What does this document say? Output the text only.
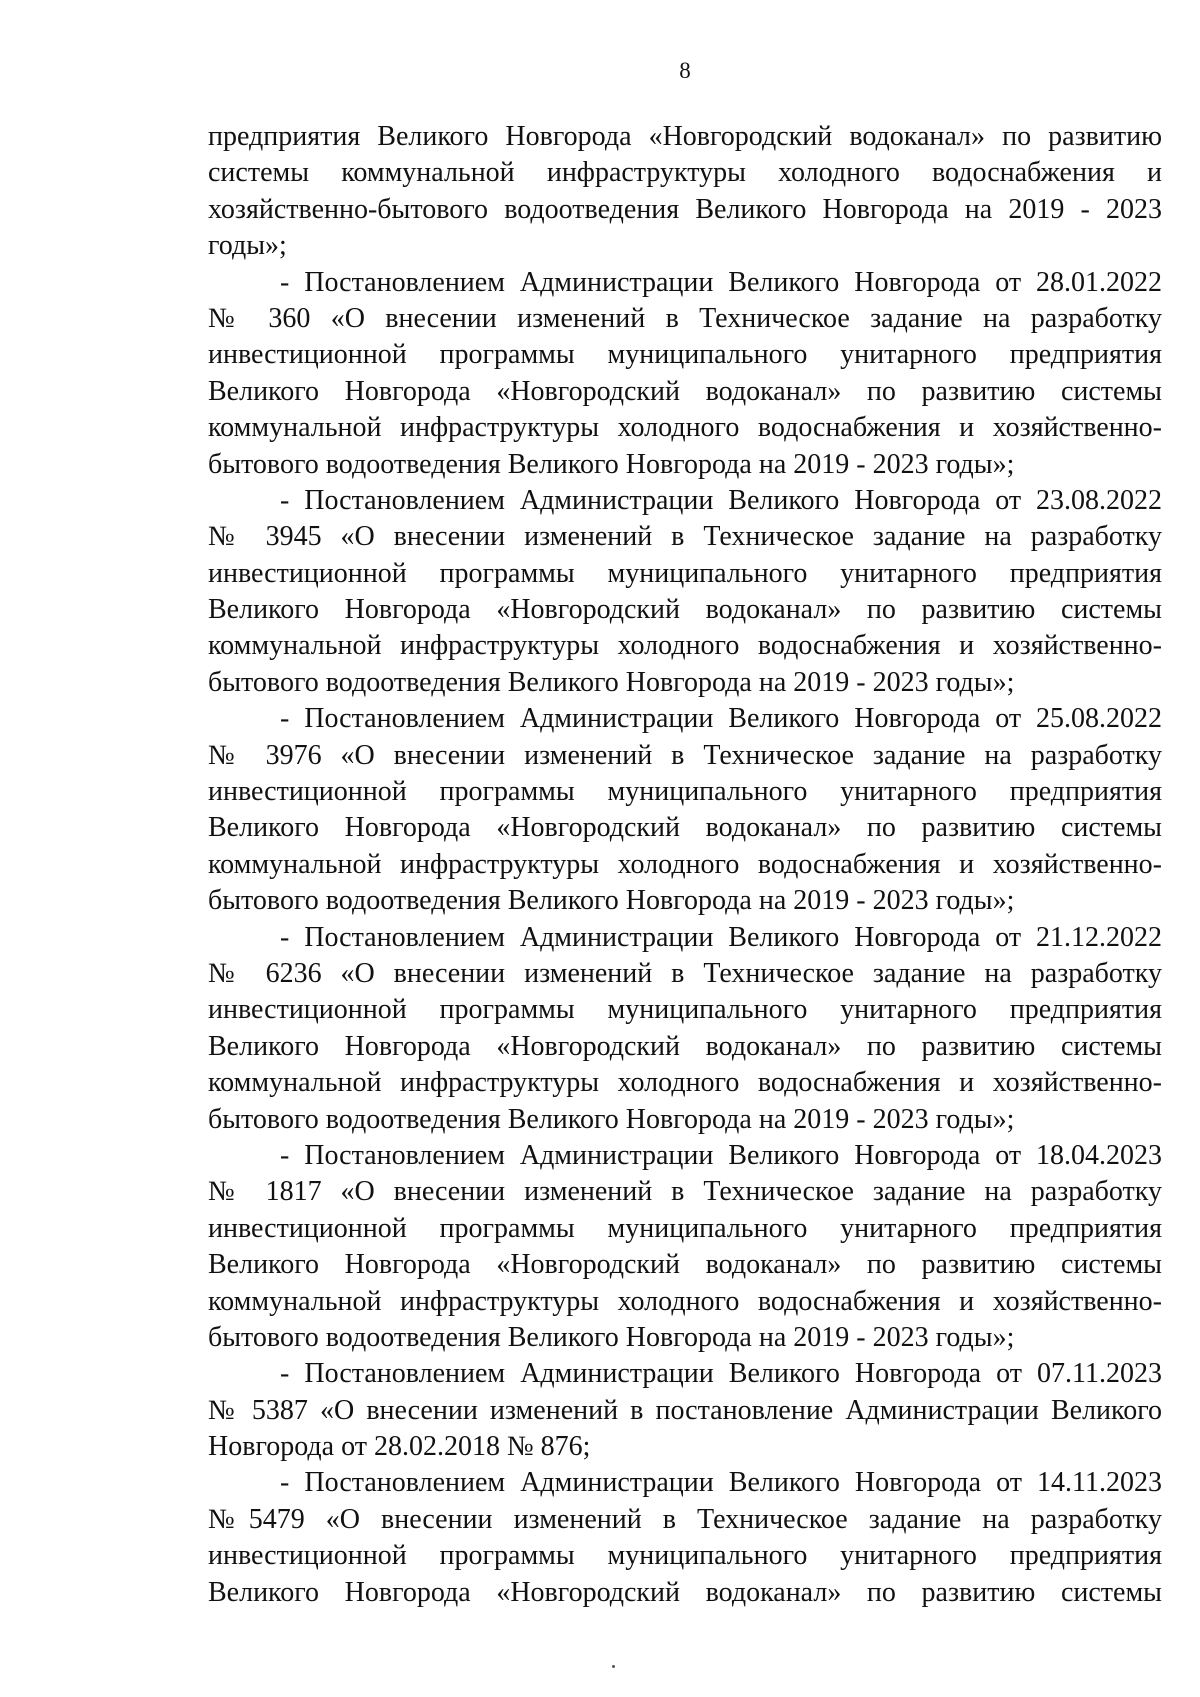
8
предприятия Великого Новгорода «Новгородский водоканал» по развитию
системы коммунальной инфраструктуры холодного водоснабжения и
хозяйственно-бытового водоотведения Великого Новгорода на 2019 - 2023
годы»;
- Постановлением Администрации Великого Новгорода от 28.01.2022
№ 360 «О внесении изменений в Техническое задание на разработку
инвестиционной программы муниципального унитарного предприятия
Великого Новгорода «Новгородский водоканал» по развитию системы
коммунальной инфраструктуры холодного водоснабжения и хозяйственно-
бытового водоотведения Великого Новгорода на 2019 - 2023 годы»;
- Постановлением Администрации Великого Новгорода от 23.08.2022
№ 3945 «О внесении изменений в Техническое задание на разработку
инвестиционной программы муниципального унитарного предприятия
Великого Новгорода «Новгородский водоканал» по развитию системы
коммунальной инфраструктуры холодного водоснабжения и хозяйственно-
бытового водоотведения Великого Новгорода на 2019 - 2023 годы»;
- Постановлением Администрации Великого Новгорода от 25.08.2022
№ 3976 «О внесении изменений в Техническое задание на разработку
инвестиционной программы муниципального унитарного предприятия
Великого Новгорода «Новгородский водоканал» по развитию системы
коммунальной инфраструктуры холодного водоснабжения и хозяйственно-
бытового водоотведения Великого Новгорода на 2019 - 2023 годы»;
- Постановлением Администрации Великого Новгорода от 21.12.2022
№ 6236 «О внесении изменений в Техническое задание на разработку
инвестиционной программы муниципального унитарного предприятия
Великого Новгорода «Новгородский водоканал» по развитию системы
коммунальной инфраструктуры холодного водоснабжения и хозяйственно-
бытового водоотведения Великого Новгорода на 2019 - 2023 годы»;
- Постановлением Администрации Великого Новгорода от 18.04.2023
№ 1817 «О внесении изменений в Техническое задание на разработку
инвестиционной программы муниципального унитарного предприятия
Великого Новгорода «Новгородский водоканал» по развитию системы
коммунальной инфраструктуры холодного водоснабжения и хозяйственно-
бытового водоотведения Великого Новгорода на 2019 - 2023 годы»;
- Постановлением Администрации Великого Новгорода от 07.11.2023
№ 5387 «О внесении изменений в постановление Администрации Великого
Новгорода от 28.02.2018 № 876;
- Постановлением Администрации Великого Новгорода от 14.11.2023
№5479 «О внесении изменений в Техническое задание на разработку
инвестиционной программы муниципального унитарного предприятия
Великого Новгорода «Новгородский водоканал» по развитию системы
